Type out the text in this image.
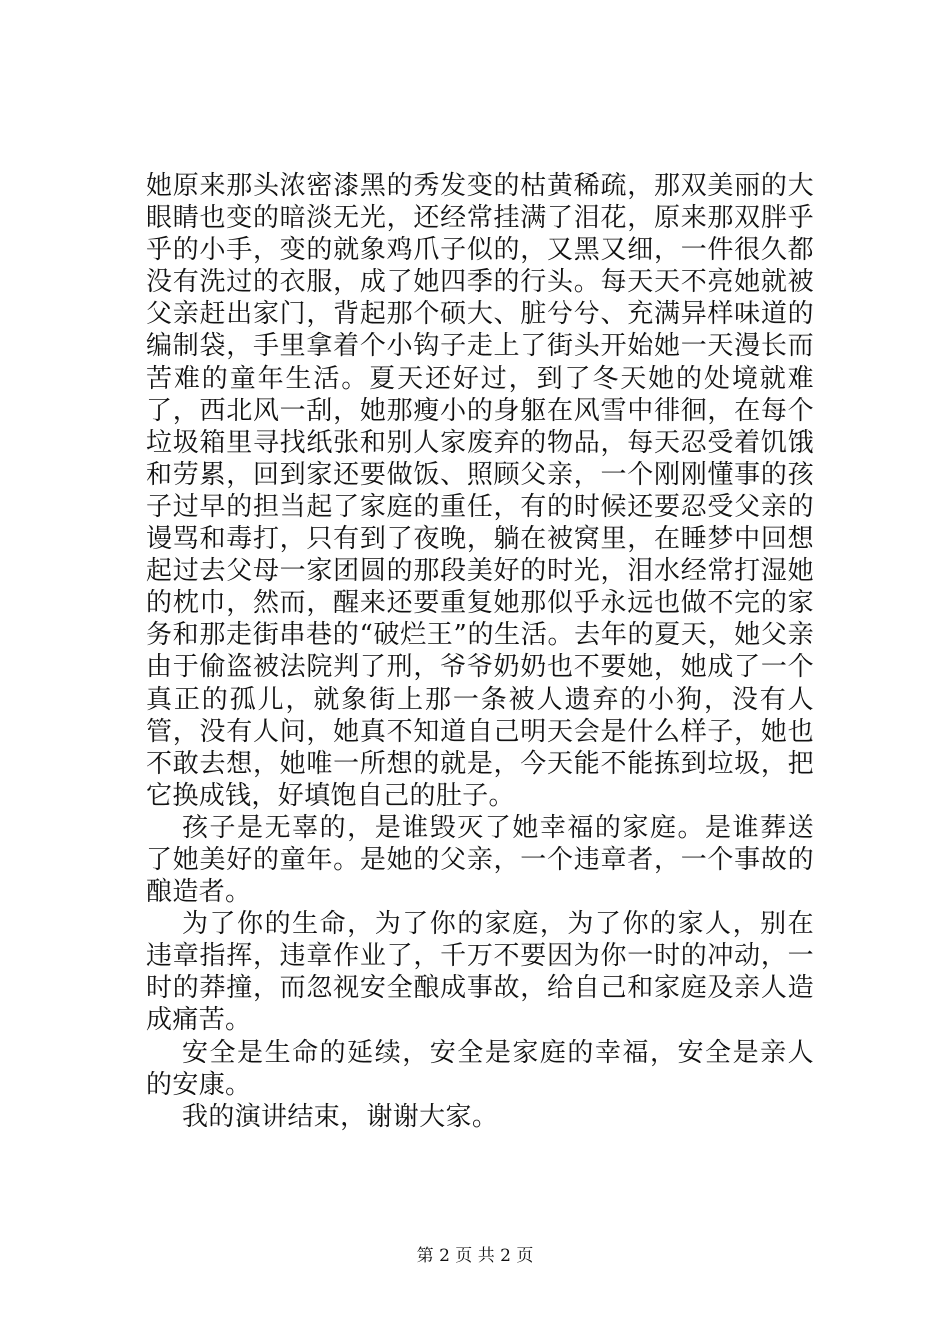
她原来那头浓密漆黑的秀发变的枯黄稀疏，那双美丽的大眼睛也变的暗淡无光，还经常挂满了泪花，原来那双胖乎乎的小手，变的就象鸡爪子似的，又黑又细，一件很久都没有洗过的衣服，成了她四季的行头。每天天不亮她就被父亲赶出家门，背起那个硕大、脏兮兮、充满异样味道的编制袋，手里拿着个小钩子走上了街头开始她一天漫长而苦难的童年生活。夏天还好过，到了冬天她的处境就难了，西北风一刮，她那瘦小的身躯在风雪中徘徊，在每个垃圾箱里寻找纸张和别人家废弃的物品，每天忍受着饥饿和劳累，回到家还要做饭、照顾父亲，一个刚刚懂事的孩子过早的担当起了家庭的重任，有的时候还要忍受父亲的谩骂和毒打，只有到了夜晚，躺在被窝里，在睡梦中回想起过去父母一家团圆的那段美好的时光，泪水经常打湿她的枕巾，然而，醒来还要重复她那似乎永远也做不完的家务和那走街串巷的“破烂王”的生活。去年的夏天，她父亲由于偷盗被法院判了刑，爷爷奶奶也不要她，她成了一个真正的孤儿，就象街上那一条被人遗弃的小狗，没有人管，没有人问，她真不知道自己明天会是什么样子，她也不敢去想，她唯一所想的就是，今天能不能拣到垃圾，把它换成钱，好填饱自己的肚子。

孩子是无辜的，是谁毁灭了她幸福的家庭。是谁葬送了她美好的童年。是她的父亲，一个违章者，一个事故的酿造者。

为了你的生命，为了你的家庭，为了你的家人，别在违章指挥，违章作业了，千万不要因为你一时的冲动，一时的莽撞，而忽视安全酿成事故，给自己和家庭及亲人造成痛苦。

安全是生命的延续，安全是家庭的幸福，安全是亲人的安康。

我的演讲结束，谢谢大家。

第 2 页 共 2 页
